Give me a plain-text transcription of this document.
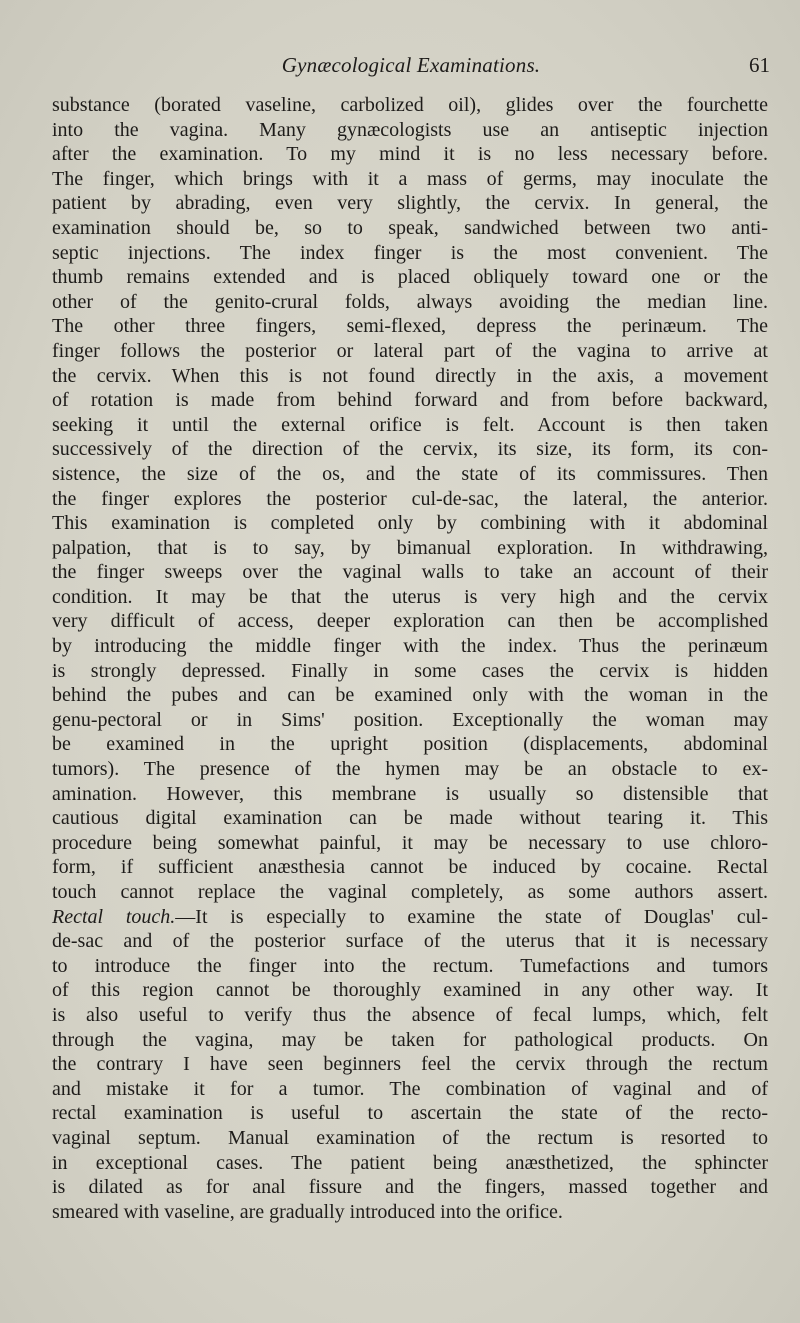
Gynæcological Examinations.	61
substance (borated vaseline, carbolized oil), glides over the fourchette
into the vagina. Many gynæcologists use an antiseptic injection
after the examination. To my mind it is no less necessary before.
The finger, which brings with it a mass of germs, may inoculate the
patient by abrading, even very slightly, the cervix. In general, the
examination should be, so to speak, sandwiched between two anti-
septic injections. The index finger is the most convenient. The
thumb remains extended and is placed obliquely toward one or the
other of the genito-crural folds, always avoiding the median line.
The other three fingers, semi-flexed, depress the perinæum. The
finger follows the posterior or lateral part of the vagina to arrive at
the cervix. When this is not found directly in the axis, a movement
of rotation is made from behind forward and from before backward,
seeking it until the external orifice is felt. Account is then taken
successively of the direction of the cervix, its size, its form, its con-
sistence, the size of the os, and the state of its commissures. Then
the finger explores the posterior cul-de-sac, the lateral, the anterior.
This examination is completed only by combining with it abdominal
palpation, that is to say, by bimanual exploration. In withdrawing,
the finger sweeps over the vaginal walls to take an account of their
condition. It may be that the uterus is very high and the cervix
very difficult of access, deeper exploration can then be accomplished
by introducing the middle finger with the index. Thus the perinæum
is strongly depressed. Finally in some cases the cervix is hidden
behind the pubes and can be examined only with the woman in the
genu-pectoral or in Sims' position. Exceptionally the woman may
be examined in the upright position (displacements, abdominal
tumors). The presence of the hymen may be an obstacle to ex-
amination. However, this membrane is usually so distensible that
cautious digital examination can be made without tearing it. This
procedure being somewhat painful, it may be necessary to use chloro-
form, if sufficient anæsthesia cannot be induced by cocaine. Rectal
touch cannot replace the vaginal completely, as some authors assert.
Rectal touch.—It is especially to examine the state of Douglas' cul-
de-sac and of the posterior surface of the uterus that it is necessary
to introduce the finger into the rectum. Tumefactions and tumors
of this region cannot be thoroughly examined in any other way. It
is also useful to verify thus the absence of fecal lumps, which, felt
through the vagina, may be taken for pathological products. On
the contrary I have seen beginners feel the cervix through the rectum
and mistake it for a tumor. The combination of vaginal and of
rectal examination is useful to ascertain the state of the recto-
vaginal septum. Manual examination of the rectum is resorted to
in exceptional cases. The patient being anæsthetized, the sphincter
is dilated as for anal fissure and the fingers, massed together and
smeared with vaseline, are gradually introduced into the orifice.
